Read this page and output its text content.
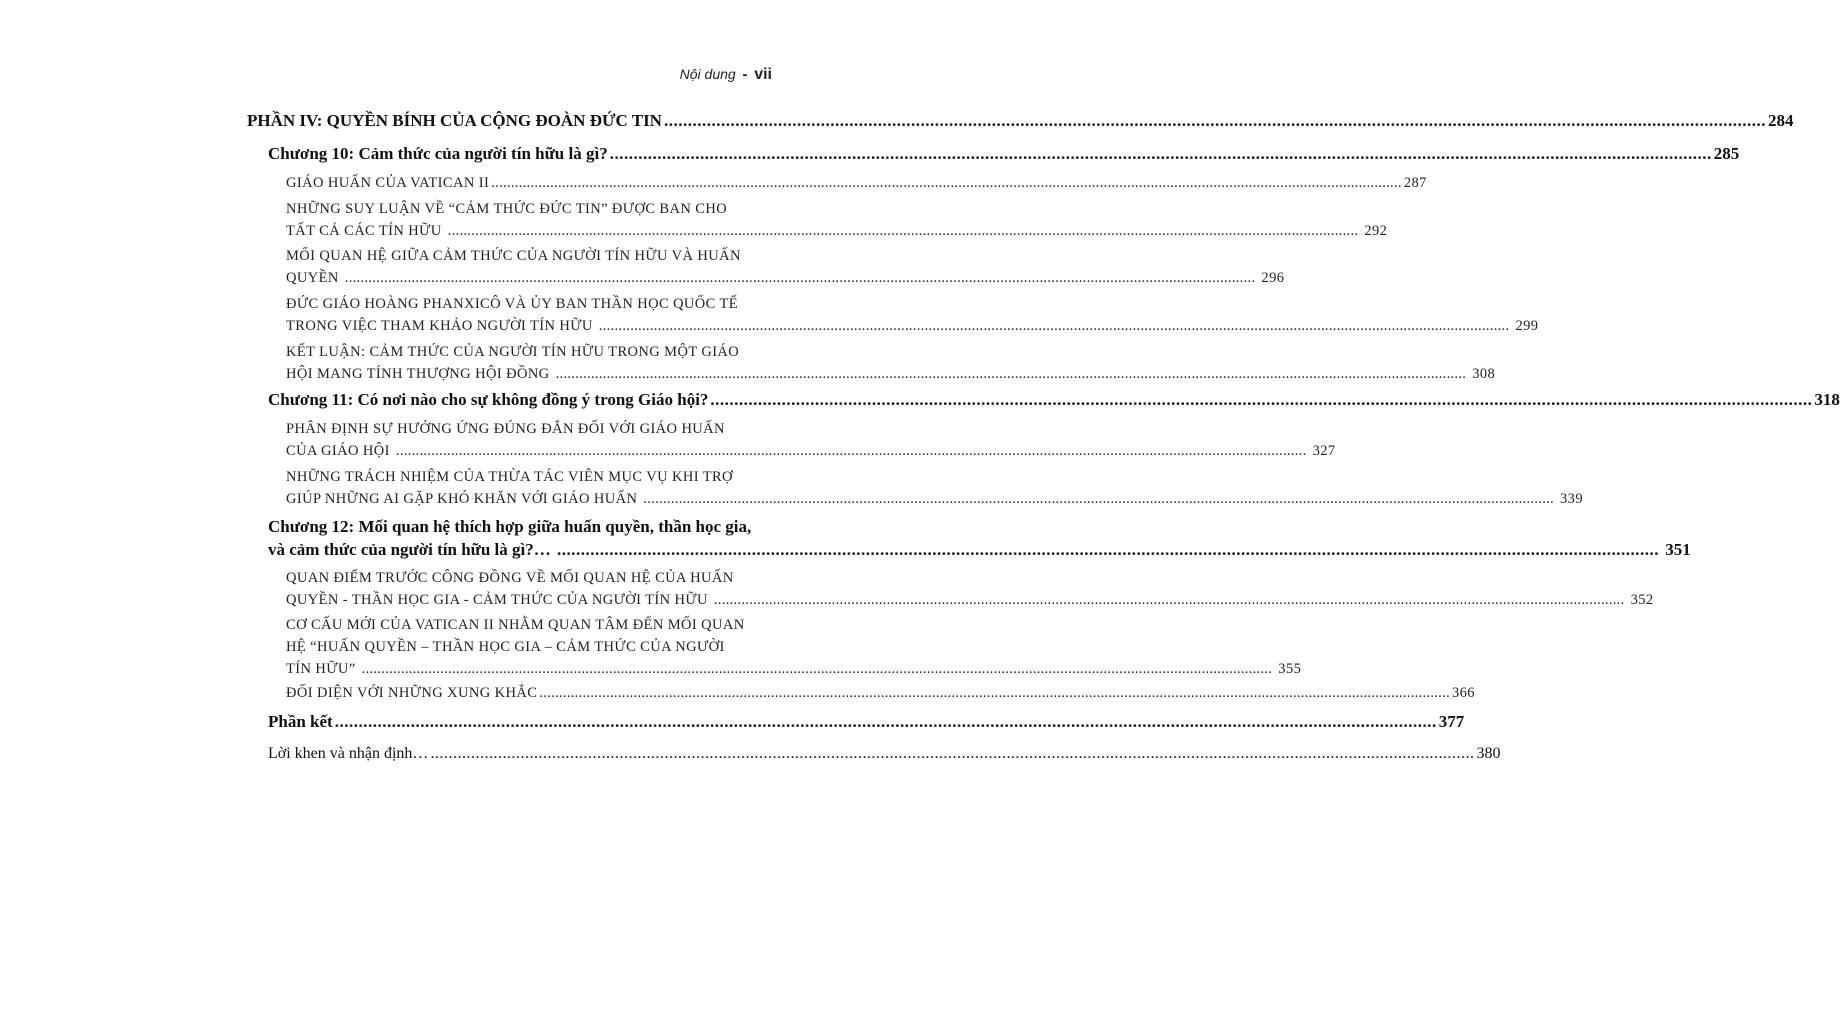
Nội dung - vii
PHẦN IV: QUYỀN BÍNH CỦA CỘNG ĐOÀN ĐỨC TIN .....	284
Chương 10: Cảm thức của người tín hữu là gì? .....	285
GIÁO HUẤN CỦA VATICAN II .....	287
NHỮNG SUY LUẬN VỀ “CẢM THỨC ĐỨC TIN” ĐƯỢC BAN CHO
TẤT CẢ CÁC TÍN HỮU .....	292
MỐI QUAN HỆ GIỮA CẢM THỨC CỦA NGƯỜI TÍN HỮU VÀ HUẤN
QUYỀN .....	296
ĐỨC GIÁO HOÀNG PHANXICÔ VÀ ỦY BAN THẦN HỌC QUỐC TẾ
TRONG VIỆC THAM KHẢO NGƯỜI TÍN HỮU .....	299
KẾT LUẬN: CẢM THỨC CỦA NGƯỜI TÍN HỮU TRONG MỘT GIÁO
HỘI MANG TÍNH THƯỢNG HỘI ĐỒNG .....	308
Chương 11: Có nơi nào cho sự không đồng ý trong Giáo hội? .....	318
PHÂN ĐỊNH SỰ HƯỞNG ỨNG ĐÚNG ĐẮN ĐỐI VỚI GIÁO HUẤN
CỦA GIÁO HỘI .....	327
NHỮNG TRÁCH NHIỆM CỦA THỪA TÁC VIÊN MỤC VỤ KHI TRỢ
GIÚP NHỮNG AI GẶP KHÓ KHĂN VỚI GIÁO HUẤN .....	339
Chương 12: Mối quan hệ thích hợp giữa huấn quyền, thần học gia,
và cảm thức của người tín hữu là gì?… .....	351
QUAN ĐIỂM TRƯỚC CÔNG ĐỒNG VỀ MỐI QUAN HỆ CỦA HUẤN
QUYỀN - THẦN HỌC GIA - CẢM THỨC CỦA NGƯỜI TÍN HỮU .....	352
CƠ CẤU MỚI CỦA VATICAN II NHẰM QUAN TÂM ĐẾN MỐI QUAN
HỆ “HUẤN QUYỀN – THẦN HỌC GIA – CẢM THỨC CỦA NGƯỜI
TÍN HỮU” .....	355
ĐỐI DIỆN VỚI NHỮNG XUNG KHẮC .....	366
Phần kết .....	377
Lời khen và nhận định… .....	380
